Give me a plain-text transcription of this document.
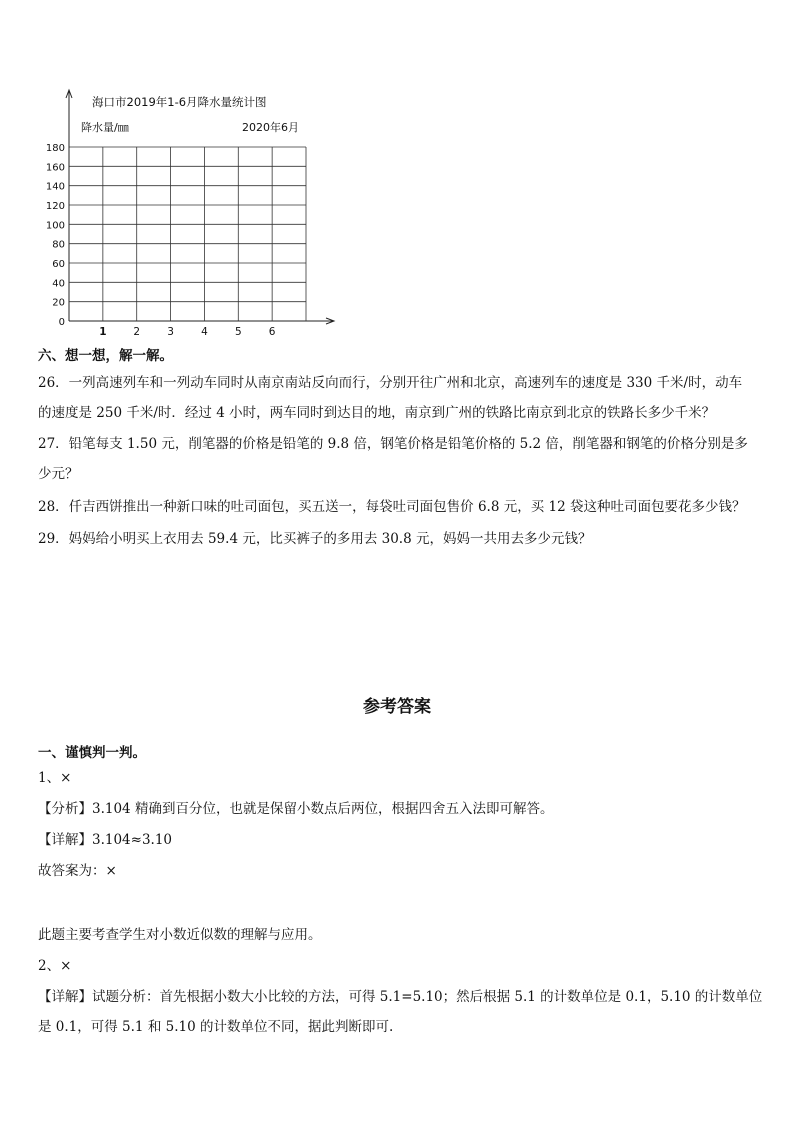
海口市2019年1-6月降水量统计图
降水量/㎜	2020年6月
0
20
40
60
80
100
120
140
160
180
1	2	3	4	5	6
六、想一想，解一解。
26．一列高速列车和一列动车同时从南京南站反向而行，分别开往广州和北京，高速列车的速度是 330 千米/时，动车
的速度是 250 千米/时．经过 4 小时，两车同时到达目的地，南京到广州的铁路比南京到北京的铁路长多少千米？
27．铅笔每支 1.50 元，削笔器的价格是铅笔的 9.8 倍，钢笔价格是铅笔价格的 5.2 倍，削笔器和钢笔的价格分别是多
少元？
28．仟吉西饼推出一种新口味的吐司面包，买五送一，每袋吐司面包售价 6.8 元，买 12 袋这种吐司面包要花多少钱？
29．妈妈给小明买上衣用去 59.4 元，比买裤子的多用去 30.8 元，妈妈一共用去多少元钱？
参考答案
一、谨慎判一判。
1、×
【分析】3.104 精确到百分位，也就是保留小数点后两位，根据四舍五入法即可解答。
【详解】3.104≈3.10
故答案为：×
此题主要考查学生对小数近似数的理解与应用。
2、×
【详解】试题分析：首先根据小数大小比较的方法，可得 5.1=5.10；然后根据 5.1 的计数单位是 0.1，5.10 的计数单位
是 0.1，可得 5.1 和 5.10 的计数单位不同，据此判断即可.
